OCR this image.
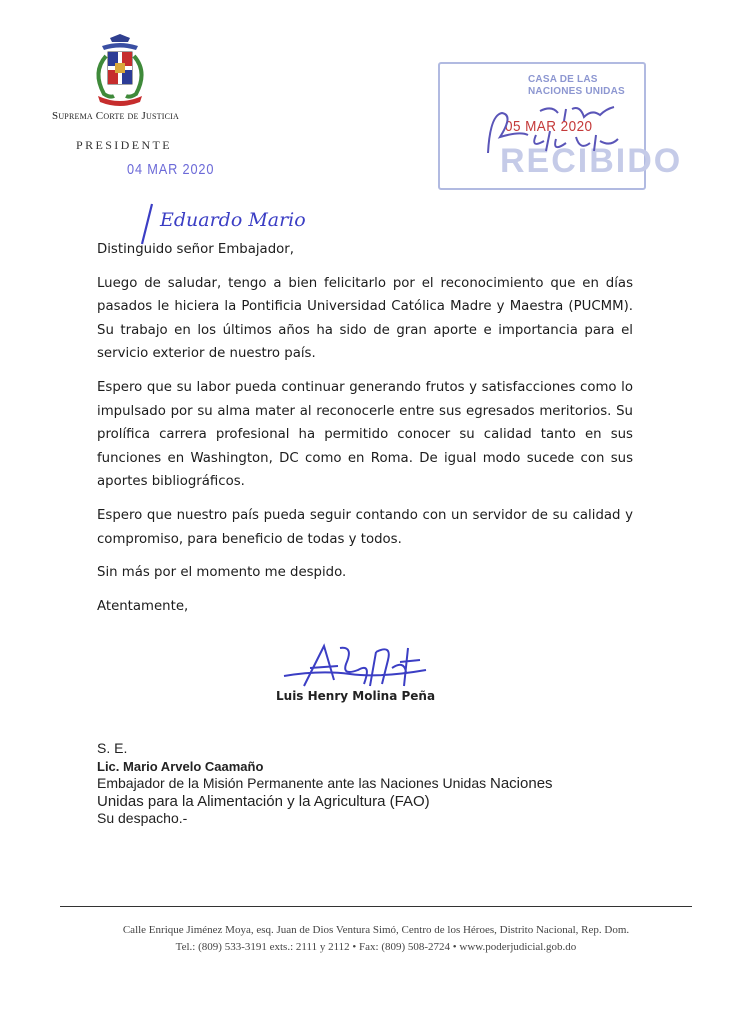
Suprema Corte de Justicia
PRESIDENTE
04 MAR 2020
CASA DE LAS
NACIONES UNIDAS
RECIBIDO
05 MAR 2020
Eduardo Mario

Distinguido señor Embajador,

Luego de saludar, tengo a bien felicitarlo por el reconocimiento que en días pasados le hiciera la Pontificia Universidad Católica Madre y Maestra (PUCMM). Su trabajo en los últimos años ha sido de gran aporte e importancia para el servicio exterior de nuestro país.

Espero que su labor pueda continuar generando frutos y satisfacciones como lo impulsado por su alma mater al reconocerle entre sus egresados meritorios. Su prolífica carrera profesional ha permitido conocer su calidad tanto en sus funciones en Washington, DC como en Roma. De igual modo sucede con sus aportes bibliográficos.

Espero que nuestro país pueda seguir contando con un servidor de su calidad y compromiso, para beneficio de todas y todos.

Sin más por el momento me despido.

Atentamente,

Luis Henry Molina Peña
S. E.
Lic. Mario Arvelo Caamaño
Embajador de la Misión Permanente ante las Naciones Unidas Naciones
Unidas para la Alimentación y la Agricultura (FAO)
Su despacho.-
Calle Enrique Jiménez Moya, esq. Juan de Dios Ventura Simó, Centro de los Héroes, Distrito Nacional, Rep. Dom.
Tel.: (809) 533-3191 exts.: 2111 y 2112 • Fax: (809) 508-2724 • www.poderjudicial.gob.do
